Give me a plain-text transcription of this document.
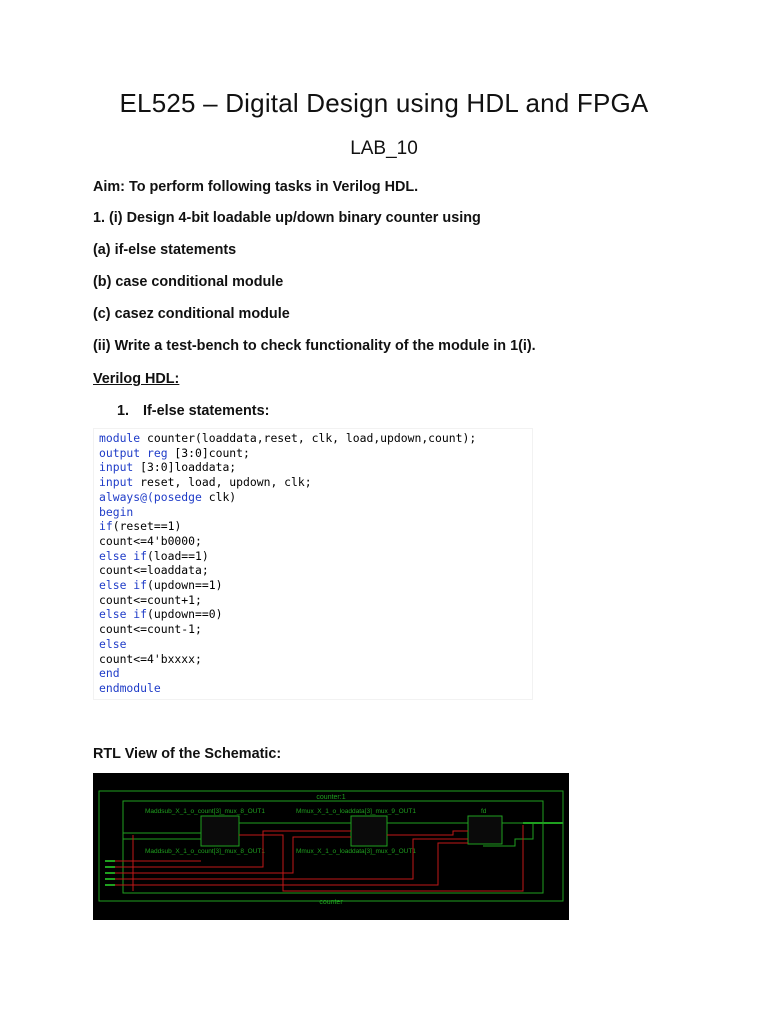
EL525 – Digital Design using HDL and FPGA
LAB_10
Aim: To perform following tasks in Verilog HDL.
1. (i) Design 4-bit loadable up/down binary counter using
(a) if-else statements
(b) case conditional module
(c) casez conditional module
(ii) Write a test-bench to check functionality of the module in 1(i).
Verilog HDL:
1. If-else statements:
module counter(loaddata,reset, clk, load,updown,count);
output reg [3:0]count;
input [3:0]loaddata;
input reset, load, updown, clk;
always@(posedge clk)
begin
if(reset==1)
count<=4'b0000;
else if(load==1)
count<=loaddata;
else if(updown==1)
count<=count+1;
else if(updown==0)
count<=count-1;
else
count<=4'bxxxx;
end
endmodule
RTL View of the Schematic:
counter:1
counter
Maddsub_X_1_o_count[3]_mux_8_OUT1	Mmux_X_1_o_loaddata[3]_mux_9_OUT1
Maddsub_X_1_o_count[3]_mux_8_OUT1	Mmux_X_1_o_loaddata[3]_mux_9_OUT1
fd
